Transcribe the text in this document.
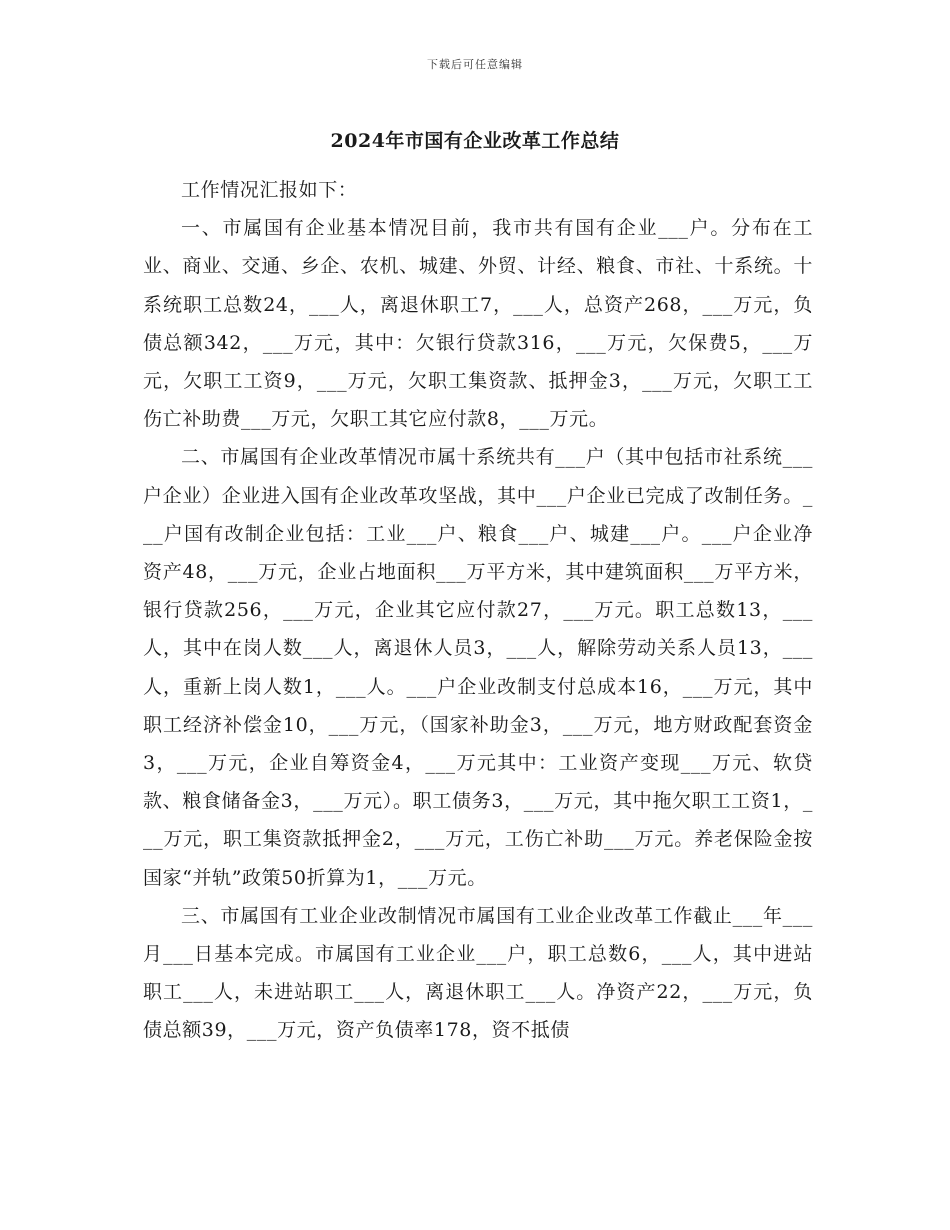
下载后可任意编辑
2024年市国有企业改革工作总结

工作情况汇报如下：

一、市属国有企业基本情况目前，我市共有国有企业___户。分布在工业、商业、交通、乡企、农机、城建、外贸、计经、粮食、市社、十系统。十系统职工总数24，___人，离退休职工7，___人，总资产268，___万元，负债总额342，___万元，其中：欠银行贷款316，___万元，欠保费5，___万元，欠职工工资9，___万元，欠职工集资款、抵押金3，___万元，欠职工工伤亡补助费___万元，欠职工其它应付款8，___万元。

二、市属国有企业改革情况市属十系统共有___户（其中包括市社系统___户企业）企业进入国有企业改革攻坚战，其中___户企业已完成了改制任务。___户国有改制企业包括：工业___户、粮食___户、城建___户。___户企业净资产48，___万元，企业占地面积___万平方米，其中建筑面积___万平方米，银行贷款256，___万元，企业其它应付款27，___万元。职工总数13，___人，其中在岗人数___人，离退休人员3，___人，解除劳动关系人员13，___人，重新上岗人数1，___人。___户企业改制支付总成本16，___万元，其中职工经济补偿金10，___万元，（国家补助金3，___万元，地方财政配套资金3，___万元，企业自筹资金4，___万元其中：工业资产变现___万元、软贷款、粮食储备金3，___万元）。职工债务3，___万元，其中拖欠职工工资1，___万元，职工集资款抵押金2，___万元，工伤亡补助___万元。养老保险金按国家“并轨”政策50折算为1，___万元。

三、市属国有工业企业改制情况市属国有工业企业改革工作截止___年___月___日基本完成。市属国有工业企业___户，职工总数6，___人，其中进站职工___人，未进站职工___人，离退休职工___人。净资产22，___万元，负债总额39，___万元，资产负债率178，资不抵债
